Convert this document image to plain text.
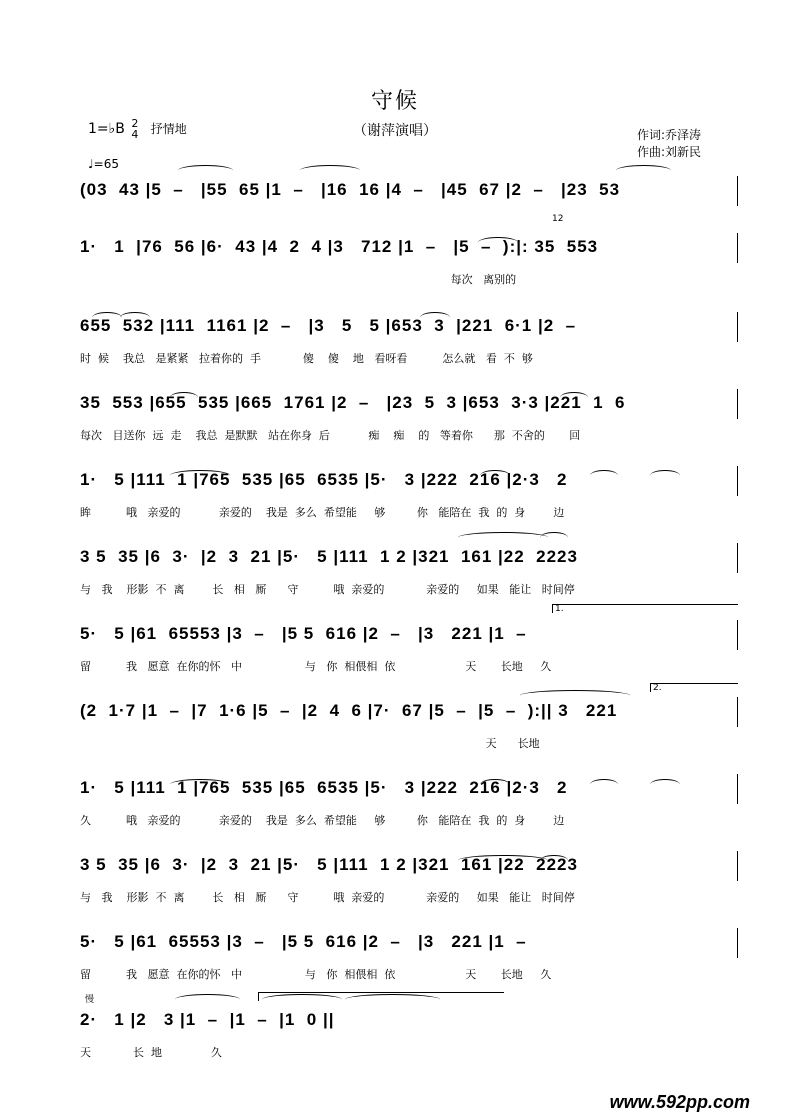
守候
（谢萍演唱）
1=♭B 2
4 抒情地
♩=65
作词:乔泽涛
作曲:刘新民
(03  43 |5  –   |55  65 |1  –   |16  16 |4  –   |45  67 |2  –   |23  53
1·   1  |76  56 |6·  43 |4  2  4 |3   712 |1  –   |5  –  ):|: 35  553
每次   离别的
655  532 |111  1161 |2  –   |3   5   5 |653  3  |221  6·1 |2  –
时  候    我总   是紧紧   拉着你的  手            傻    傻    地   看呀看          怎么就   看  不  够
35  553 |655  535 |665  1761 |2  –   |23  5  3 |653  3·3 |221  1  6
每次   目送你  远  走    我总  是默默   站在你身  后           痴    痴    的   等着你      那  不舍的       回
1·   5 |111  1 |765  535 |65  6535 |5·   3 |222  216 |2·3   2
眸          哦   亲爱的           亲爱的    我是  多么  希望能     够         你   能陪在  我  的  身        边
3 5  35 |6  3·  |2  3  21 |5·   5 |111  1 2 |321  161 |22  2223
与   我    形影  不  离        长   相   厮      守          哦  亲爱的            亲爱的     如果   能让   时间停
5·   5 |61  65553 |3  –   |5 5  616 |2  –   |3   221 |1  –
留          我   愿意  在你的怀   中                  与   你  相偎相  依                    天       长地     久
(2  1·7 |1  –  |7  1·6 |5  –  |2  4  6 |7·  67 |5  –  |5  –  ):|| 3   221
天      长地
1·   5 |111  1 |765  535 |65  6535 |5·   3 |222  216 |2·3   2
久          哦   亲爱的           亲爱的    我是  多么  希望能     够         你   能陪在  我  的  身        边
3 5  35 |6  3·  |2  3  21 |5·   5 |111  1 2 |321  161 |22  2223
与   我    形影  不  离        长   相   厮      守          哦  亲爱的            亲爱的     如果   能让   时间停
5·   5 |61  65553 |3  –   |5 5  616 |2  –   |3   221 |1  –
留          我   愿意  在你的怀   中                  与   你  相偎相  依                    天       长地     久
2·   1 |2   3 |1  –  |1  –  |1  0 ||
天            长  地              久
12
1.
2.
慢
www.592pp.com
